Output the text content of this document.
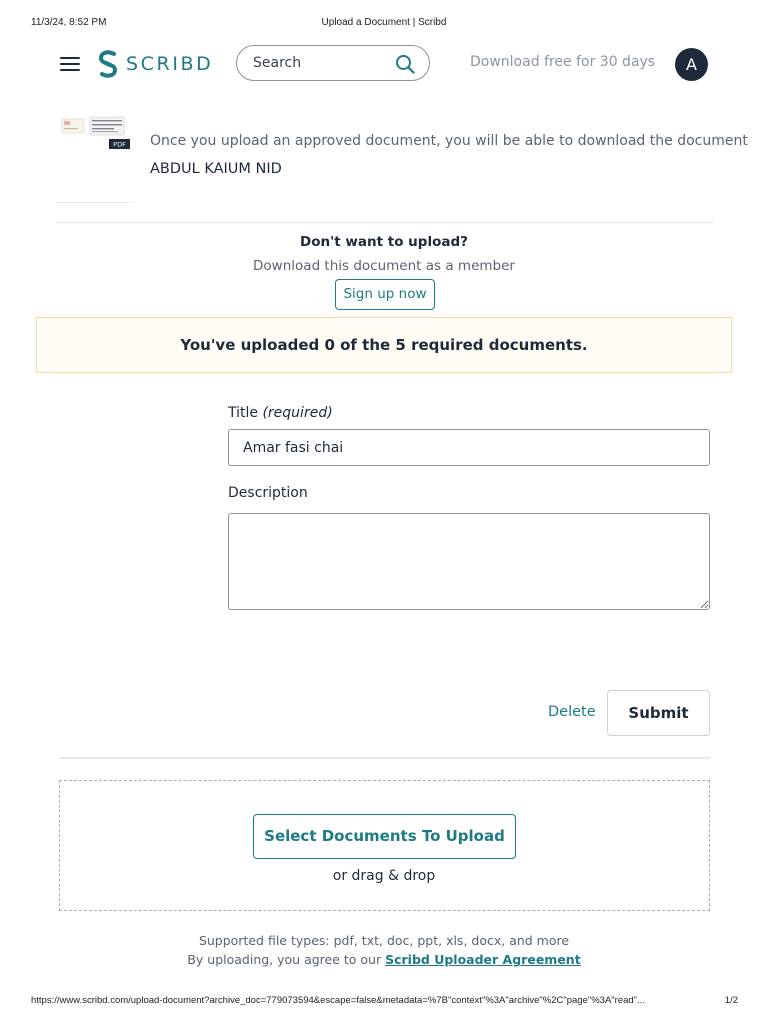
11/3/24, 8:52 PM	Upload a Document | Scribd
SCRIBD	Search	Download free for 30 days	A
PDF Once you upload an approved document, you will be able to download the document
ABDUL KAIUM NID
Don't want to upload?
Download this document as a member
Sign up now
You've uploaded 0 of the 5 required documents.
Title (required)
Amar fasi chai
Description
Delete	Submit
Select Documents To Upload
or drag & drop
Supported file types: pdf, txt, doc, ppt, xls, docx, and more
By uploading, you agree to our Scribd Uploader Agreement
https://www.scribd.com/upload-document?archive_doc=779073594&escape=false&metadata=%7B"context"%3A"archive"%2C"page"%3A"read"...	1/2
